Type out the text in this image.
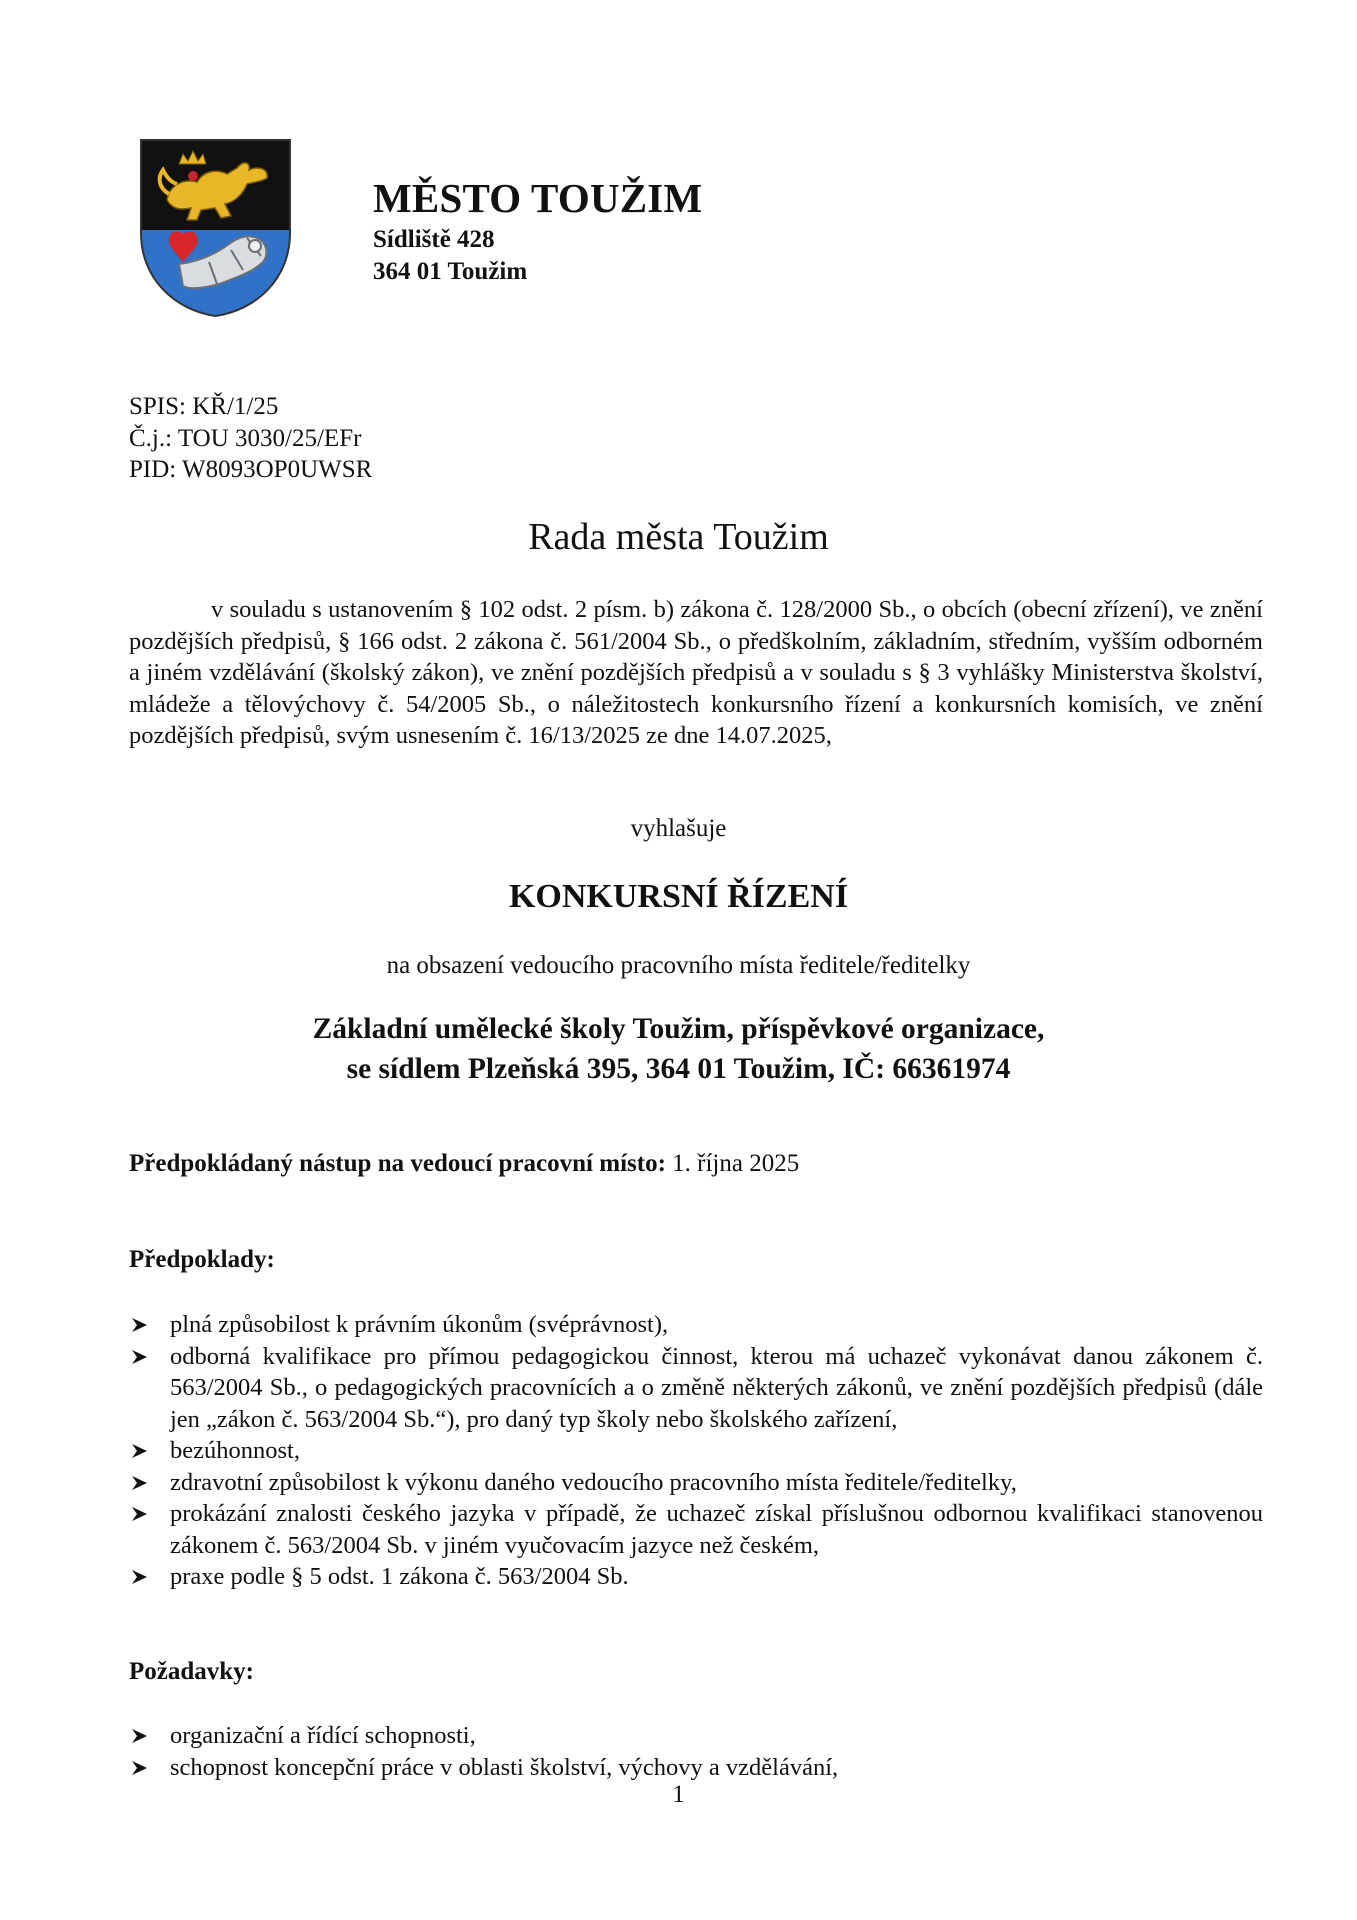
MĚSTO TOUŽIM
Sídliště 428
364 01 Toužim
SPIS: KŘ/1/25
Č.j.: TOU 3030/25/EFr
PID: W8093OP0UWSR
Rada města Toužim
v souladu s ustanovením § 102 odst. 2 písm. b) zákona č. 128/2000 Sb., o obcích (obecní zřízení), ve znění pozdějších předpisů, § 166 odst. 2 zákona č. 561/2004 Sb., o předškolním, základním, středním, vyšším odborném a jiném vzdělávání (školský zákon), ve znění pozdějších předpisů a v souladu s § 3 vyhlášky Ministerstva školství, mládeže a tělovýchovy č. 54/2005 Sb., o náležitostech konkursního řízení a konkursních komisích, ve znění pozdějších předpisů, svým usnesením č. 16/13/2025 ze dne 14.07.2025,
vyhlašuje
KONKURSNÍ ŘÍZENÍ
na obsazení vedoucího pracovního místa ředitele/ředitelky
Základní umělecké školy Toužim, příspěvkové organizace,
se sídlem Plzeňská 395, 364 01 Toužim, IČ: 66361974
Předpokládaný nástup na vedoucí pracovní místo: 1. října 2025
Předpoklady:
plná způsobilost k právním úkonům (svéprávnost),
odborná kvalifikace pro přímou pedagogickou činnost, kterou má uchazeč vykonávat danou zákonem č. 563/2004 Sb., o pedagogických pracovnících a o změně některých zákonů, ve znění pozdějších předpisů (dále jen „zákon č. 563/2004 Sb.“), pro daný typ školy nebo školského zařízení,
bezúhonnost,
zdravotní způsobilost k výkonu daného vedoucího pracovního místa ředitele/ředitelky,
prokázání znalosti českého jazyka v případě, že uchazeč získal příslušnou odbornou kvalifikaci stanovenou zákonem č. 563/2004 Sb. v jiném vyučovacím jazyce než českém,
praxe podle § 5 odst. 1 zákona č. 563/2004 Sb.
Požadavky:
organizační a řídící schopnosti,
schopnost koncepční práce v oblasti školství, výchovy a vzdělávání,
1
